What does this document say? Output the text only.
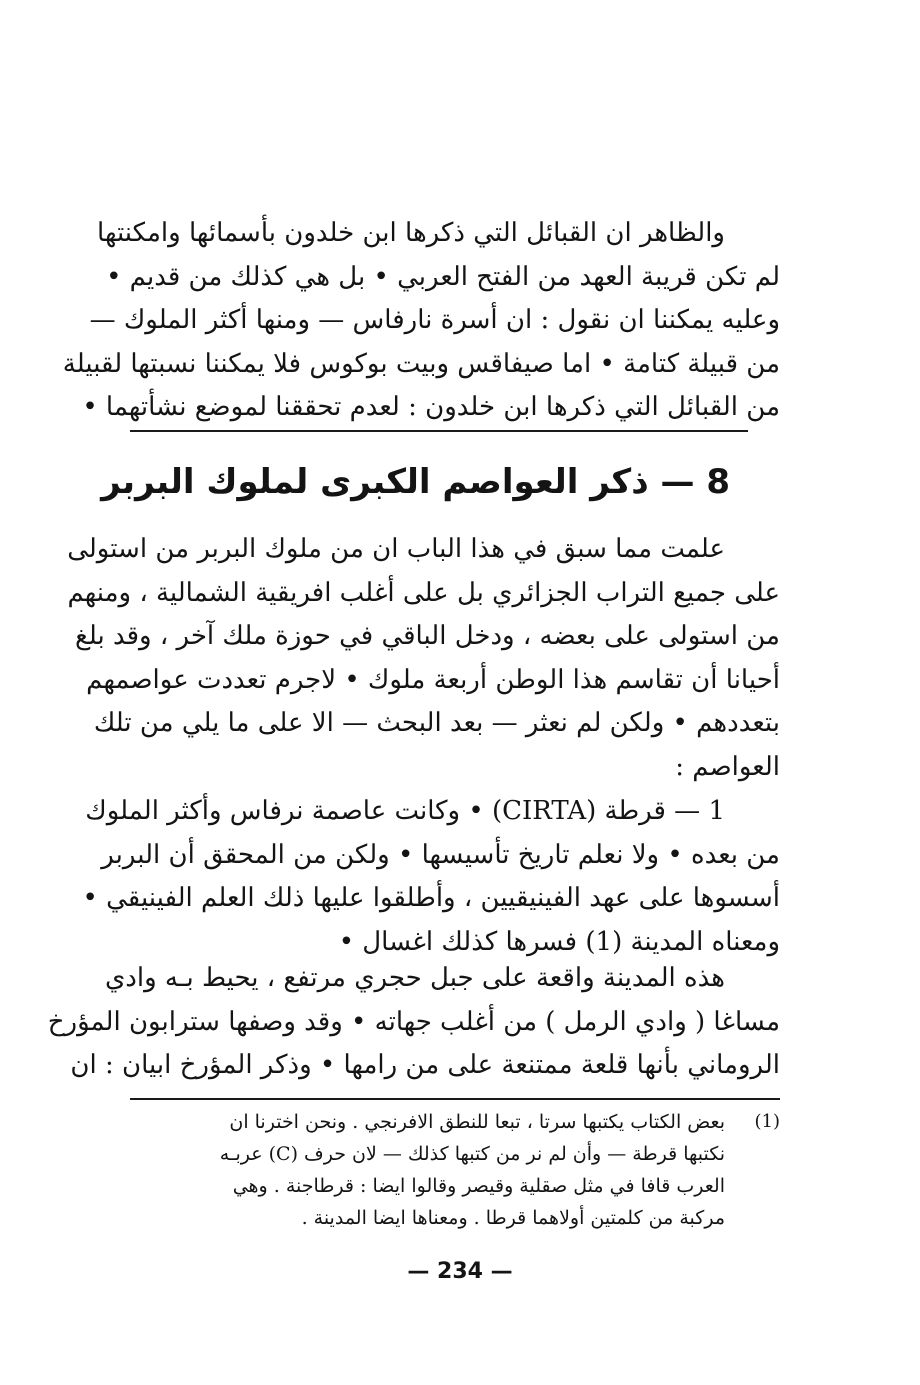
والظاهر ان القبائل التي ذكرها ابن خلدون بأسمائها وامكنتها
لم تكن قريبة العهد من الفتح العربي • بل هي كذلك من قديم •
وعليه يمكننا ان نقول : ان أسرة نارفاس — ومنها أكثر الملوك —
من قبيلة كتامة • اما صيفاقس وبيت بوكوس فلا يمكننا نسبتها لقبيلة
من القبائل التي ذكرها ابن خلدون : لعدم تحققنا لموضع نشأتهما •
8 — ذكر العواصم الكبرى لملوك البربر
علمت مما سبق في هذا الباب ان من ملوك البربر من استولى
على جميع التراب الجزائري بل على أغلب افريقية الشمالية ، ومنهم
من استولى على بعضه ، ودخل الباقي في حوزة ملك آخر ، وقد بلغ
أحيانا أن تقاسم هذا الوطن أربعة ملوك • لاجرم تعددت عواصمهم
بتعددهم • ولكن لم نعثر — بعد البحث — الا على ما يلي من تلك
العواصم :
1 — قرطة (CIRTA) • وكانت عاصمة نرفاس وأكثر الملوك
من بعده • ولا نعلم تاريخ تأسيسها • ولكن من المحقق أن البربر
أسسوها على عهد الفينيقيين ، وأطلقوا عليها ذلك العلم الفينيقي •
ومعناه المدينة (1) فسرها كذلك اغسال •
هذه المدينة واقعة على جبل حجري مرتفع ، يحيط بـه وادي
مساغا ( وادي الرمل ) من أغلب جهاته • وقد وصفها سترابون المؤرخ
الروماني بأنها قلعة ممتنعة على من رامها • وذكر المؤرخ ابيان : ان
(1)
بعض الكتاب يكتبها سرتا ، تبعا للنطق الافرنجي . ونحن اخترنا ان
نكتبها قرطة — وأن لم نر من كتبها كذلك — لان حرف (C) عربـه
العرب قافا في مثل صقلية وقيصر وقالوا ايضا : قرطاجنة . وهي
مركبة من كلمتين أولاهما قرطا . ومعناها ايضا المدينة .
— 234 —
